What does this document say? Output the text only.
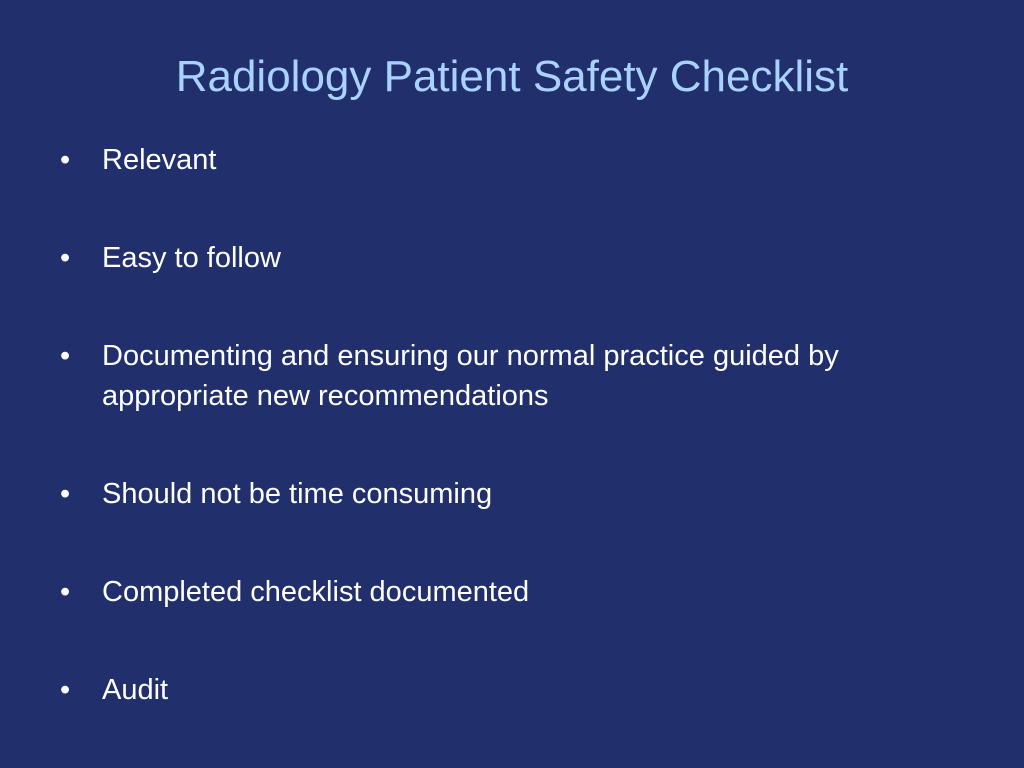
Radiology Patient Safety Checklist
•	Relevant
•	Easy to follow
•	Documenting and ensuring our normal practice guided by appropriate new recommendations
•	Should not be time consuming
•	Completed checklist documented
•	Audit
